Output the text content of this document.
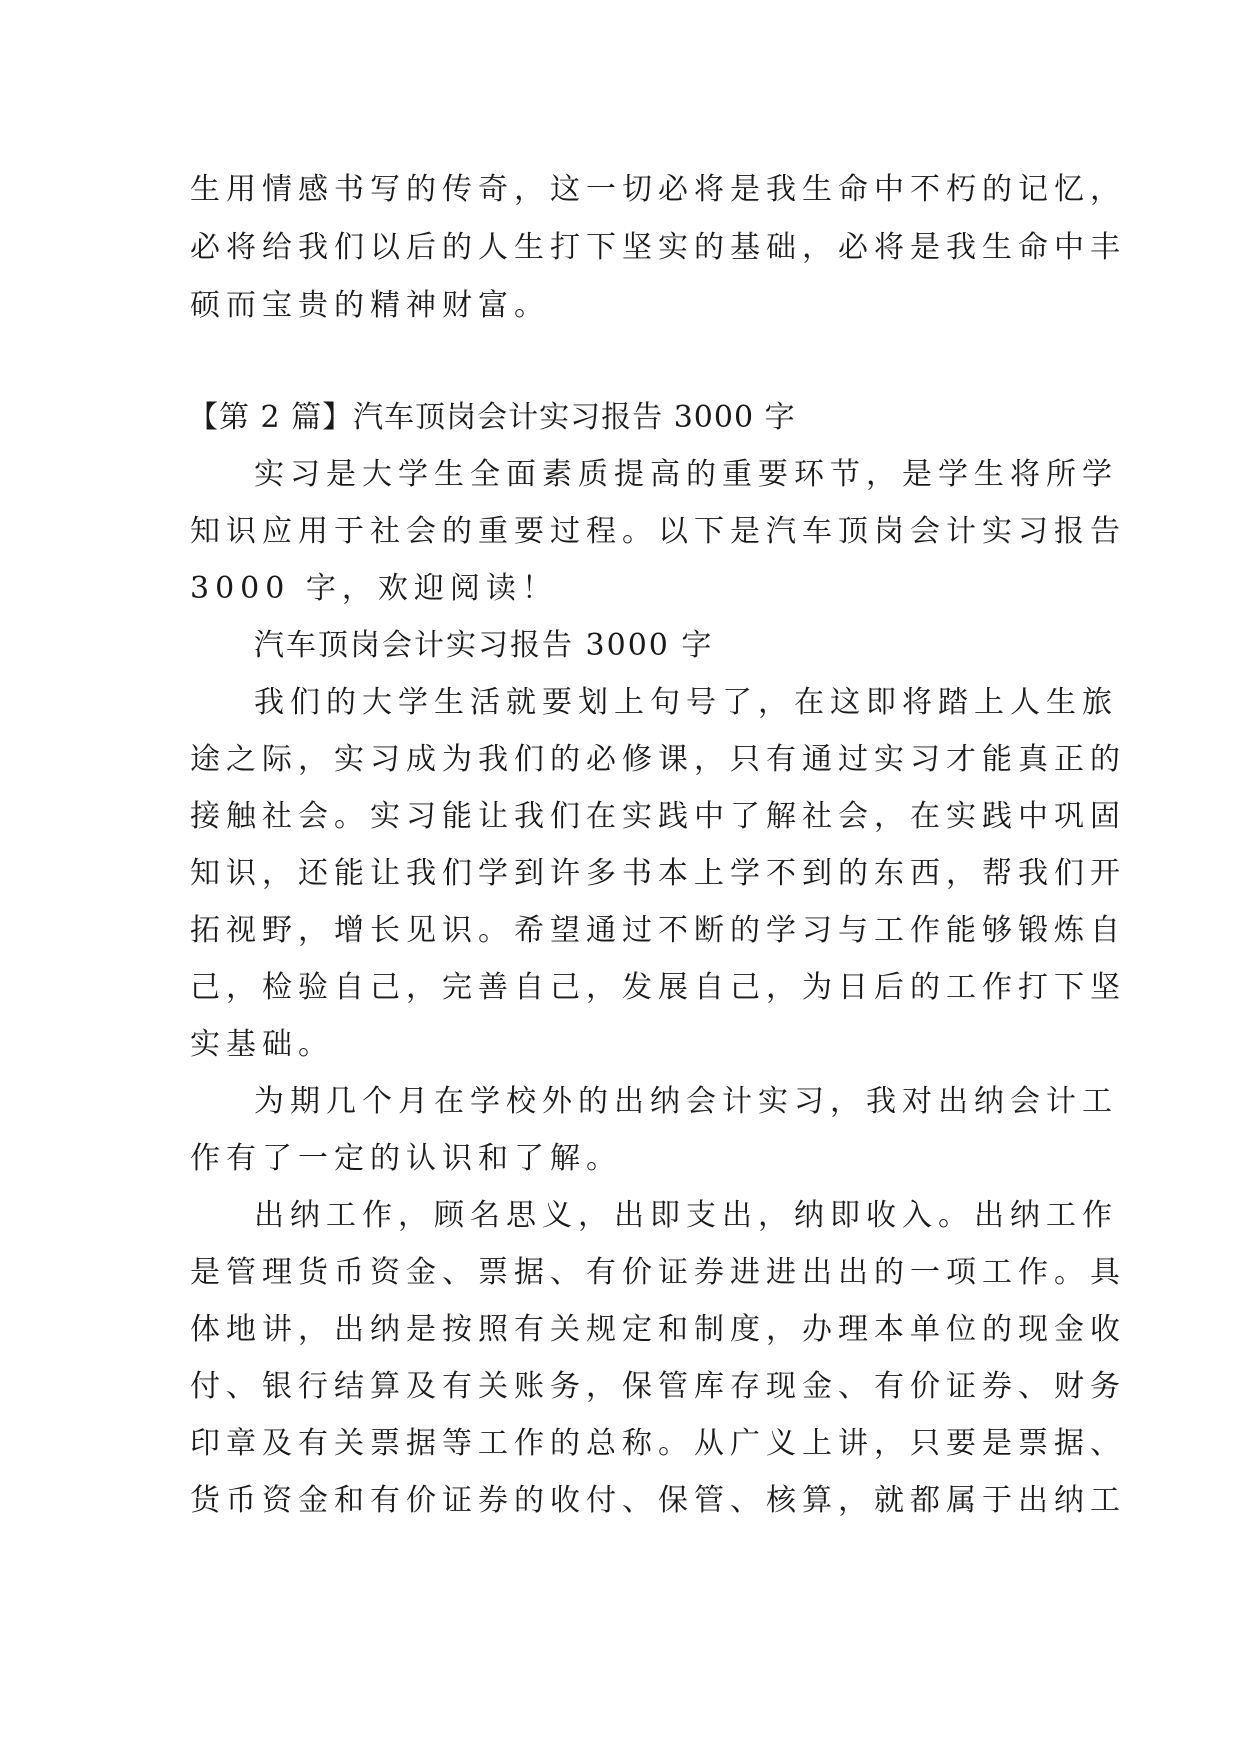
生用情感书写的传奇，这一切必将是我生命中不朽的记忆，
必将给我们以后的人生打下坚实的基础，必将是我生命中丰
硕而宝贵的精神财富。
【第 2 篇】汽车顶岗会计实习报告 3000 字
实习是大学生全面素质提高的重要环节，是学生将所学
知识应用于社会的重要过程。以下是汽车顶岗会计实习报告
3000 字，欢迎阅读！
汽车顶岗会计实习报告 3000 字
我们的大学生活就要划上句号了，在这即将踏上人生旅
途之际，实习成为我们的必修课，只有通过实习才能真正的
接触社会。实习能让我们在实践中了解社会，在实践中巩固
知识，还能让我们学到许多书本上学不到的东西，帮我们开
拓视野，增长见识。希望通过不断的学习与工作能够锻炼自
己，检验自己，完善自己，发展自己，为日后的工作打下坚
实基础。
为期几个月在学校外的出纳会计实习，我对出纳会计工
作有了一定的认识和了解。
出纳工作，顾名思义，出即支出，纳即收入。出纳工作
是管理货币资金、票据、有价证券进进出出的一项工作。具
体地讲，出纳是按照有关规定和制度，办理本单位的现金收
付、银行结算及有关账务，保管库存现金、有价证券、财务
印章及有关票据等工作的总称。从广义上讲，只要是票据、
货币资金和有价证券的收付、保管、核算，就都属于出纳工
